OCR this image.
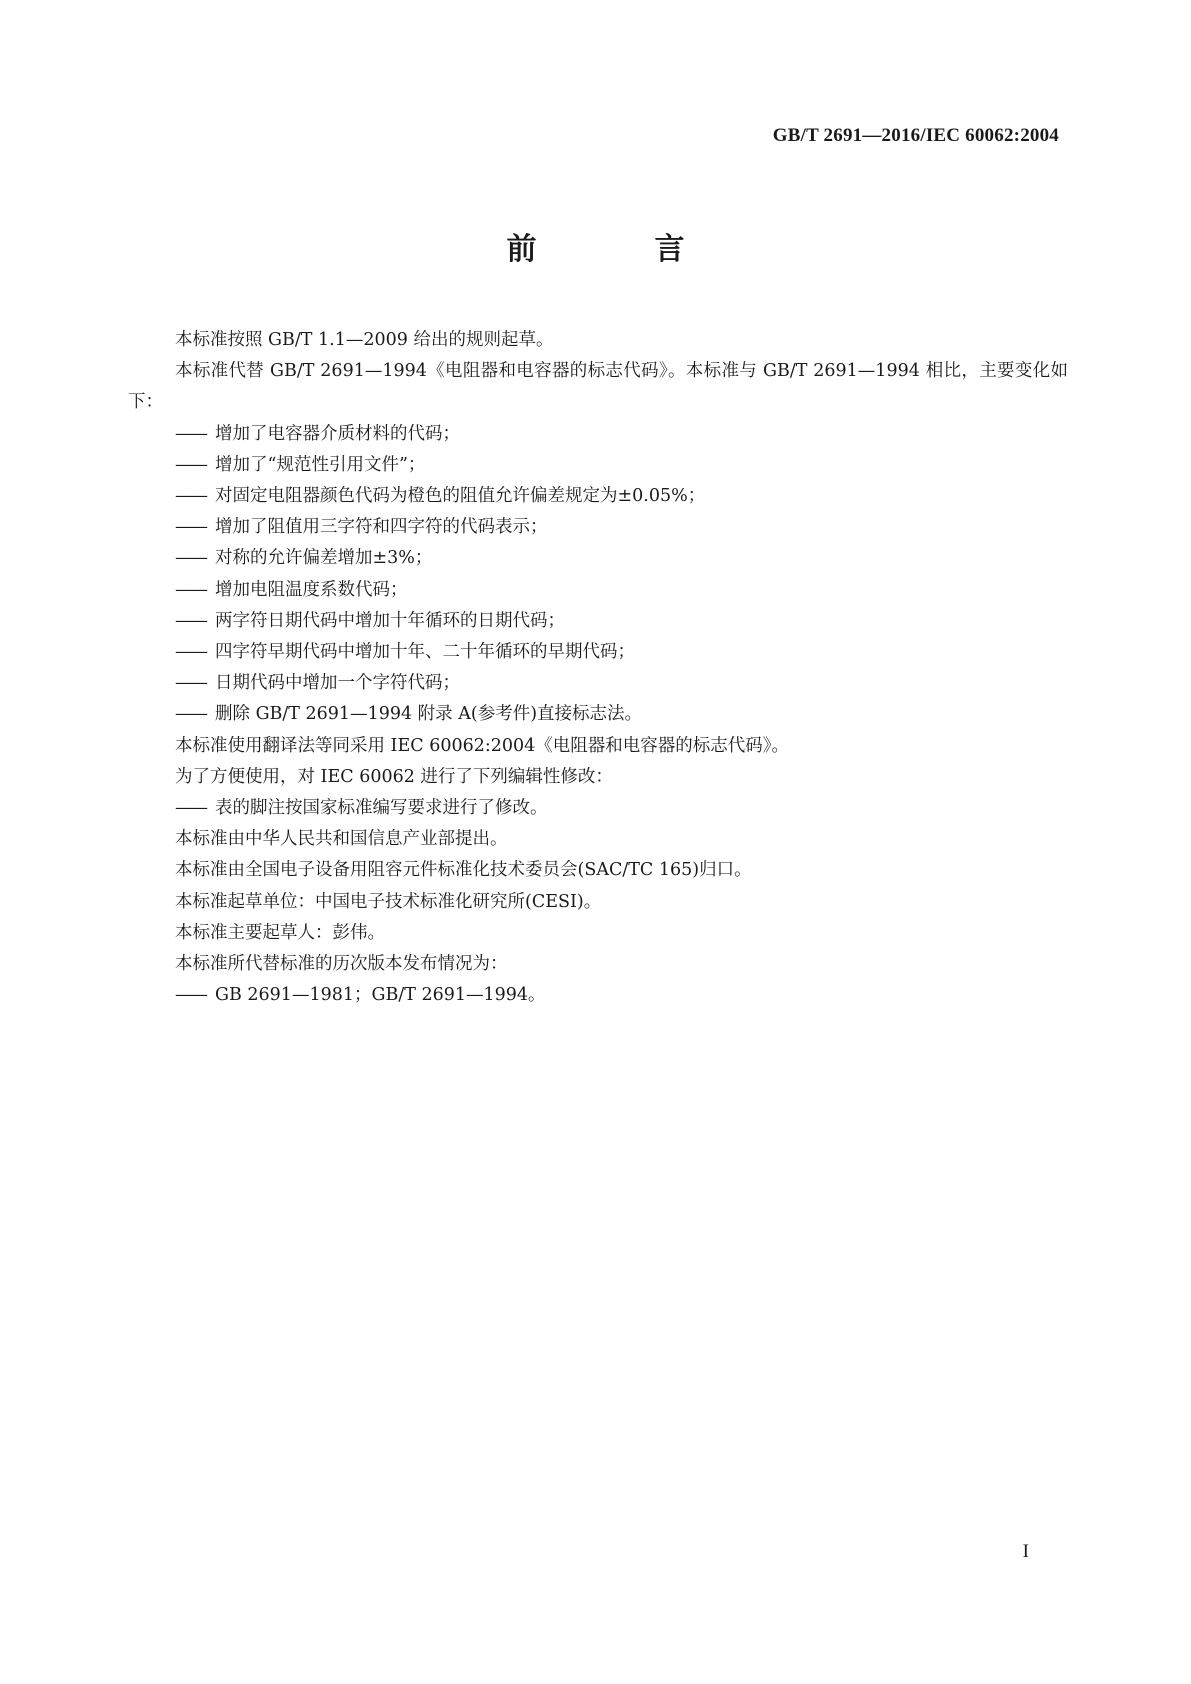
GB/T 2691—2016/IEC 60062:2004
前　言

本标准按照 GB/T 1.1—2009 给出的规则起草。

本标准代替 GB/T 2691—1994《电阻器和电容器的标志代码》。本标准与 GB/T 2691—1994 相比，主要变化如下：

—— 增加了电容器介质材料的代码；
—— 增加了“规范性引用文件”；
—— 对固定电阻器颜色代码为橙色的阻值允许偏差规定为±0.05%；
—— 增加了阻值用三字符和四字符的代码表示；
—— 对称的允许偏差增加±3%；
—— 增加电阻温度系数代码；
—— 两字符日期代码中增加十年循环的日期代码；
—— 四字符早期代码中增加十年、二十年循环的早期代码；
—— 日期代码中增加一个字符代码；
—— 删除 GB/T 2691—1994 附录 A(参考件)直接标志法。

本标准使用翻译法等同采用 IEC 60062:2004《电阻器和电容器的标志代码》。

为了方便使用，对 IEC 60062 进行了下列编辑性修改：

—— 表的脚注按国家标准编写要求进行了修改。

本标准由中华人民共和国信息产业部提出。

本标准由全国电子设备用阻容元件标准化技术委员会(SAC/TC 165)归口。

本标准起草单位：中国电子技术标准化研究所(CESI)。

本标准主要起草人：彭伟。

本标准所代替标准的历次版本发布情况为：

—— GB 2691—1981；GB/T 2691—1994。
I
